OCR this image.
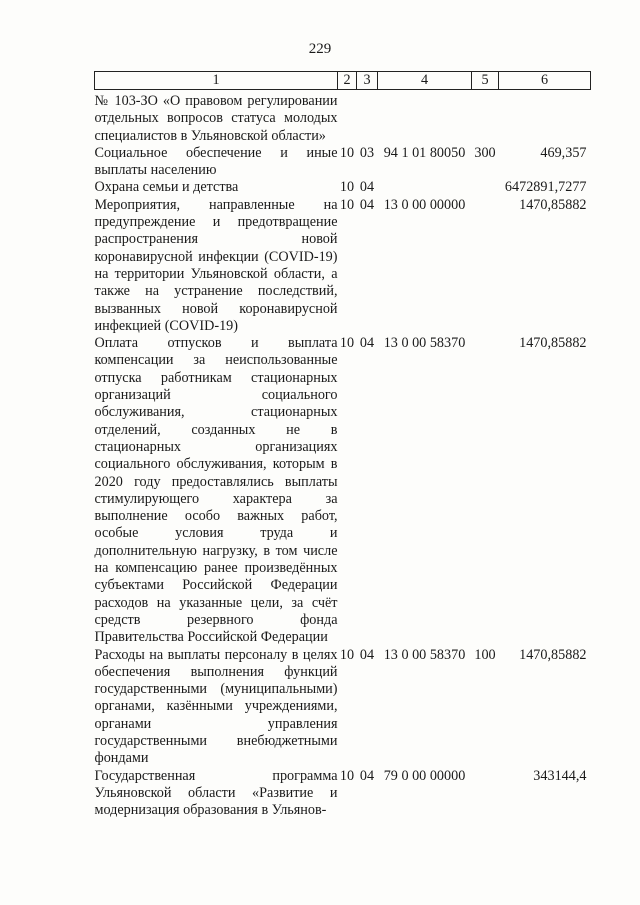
229
1	2	3	4	5	6

№ 103-ЗО «О правовом регулировании отдельных вопросов статуса молодых специалистов в Ульяновской области»					
Социальное обеспечение и иные выплаты населению	10	03	94 1 01 80050	300	469,357
Охрана семьи и детства	10	04			6472891,7277
Мероприятия, направленные на предупреждение и предотвращение распространения новой коронавирусной инфекции (COVID-19) на территории Ульяновской области, а также на устранение последствий, вызванных новой коронавирусной инфекцией (COVID-19)	10	04	13 0 00 00000		1470,85882
Оплата отпусков и выплата компенсации за неиспользованные отпуска работникам стационарных организаций социального обслуживания, стационарных отделений, созданных не в стационарных организациях социального обслуживания, которым в 2020 году предоставлялись выплаты стимулирующего характера за выполнение особо важных работ, особые условия труда и дополнительную нагрузку, в том числе на компенсацию ранее произведённых субъектами Российской Федерации расходов на указанные цели, за счёт средств резервного фонда Правительства Российской Федерации	10	04	13 0 00 58370		1470,85882
Расходы на выплаты персоналу в целях обеспечения выполнения функций государственными (муниципальными) органами, казёнными учреждениями, органами управления государственными внебюджетными фондами	10	04	13 0 00 58370	100	1470,85882
Государственная программа Ульяновской области «Развитие и модернизация образования в Ульянов-	10	04	79 0 00 00000		343144,4
